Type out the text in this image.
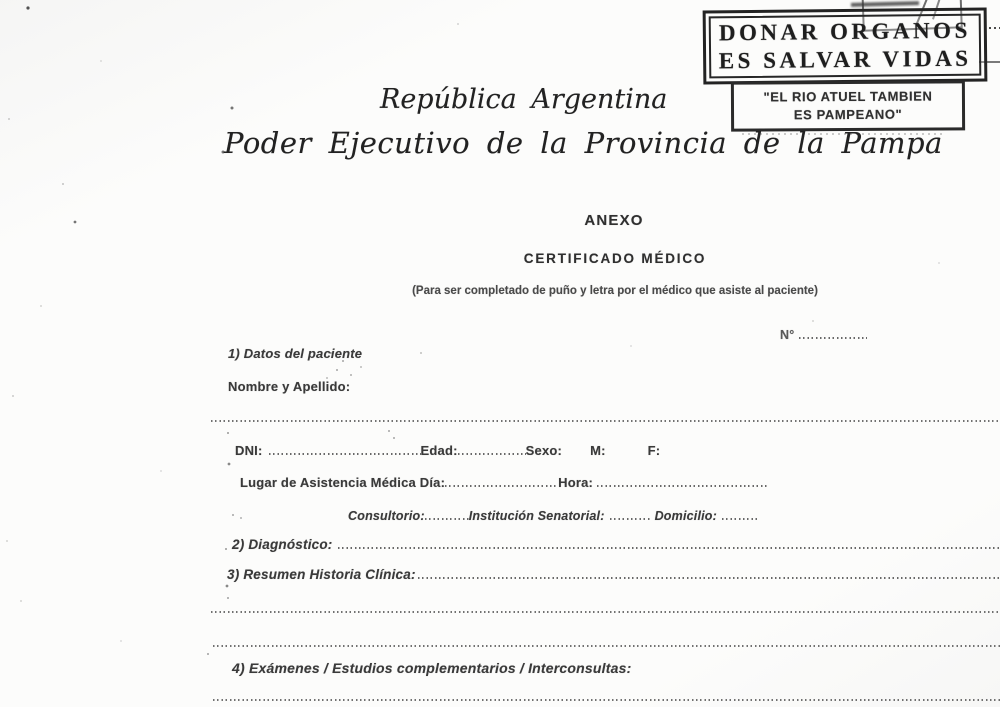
DONAR ORGANOS
ES SALVAR VIDAS
"EL RIO ATUEL TAMBIEN
ES PAMPEANO"
República Argentina
Poder Ejecutivo de la Provincia de la Pampa
ANEXO
CERTIFICADO MÉDICO
(Para ser completado de puño y letra por el médico que asiste al paciente)
N°
1) Datos del paciente
Nombre y Apellido:
DNI:	Edad:	Sexo: M:	F:
Lugar de Asistencia Médica Día:	Hora:
Consultorio:	Institución Senatorial:	Domicilio:
2) Diagnóstico:
3) Resumen Historia Clínica:
4) Exámenes / Estudios complementarios / Interconsultas:
